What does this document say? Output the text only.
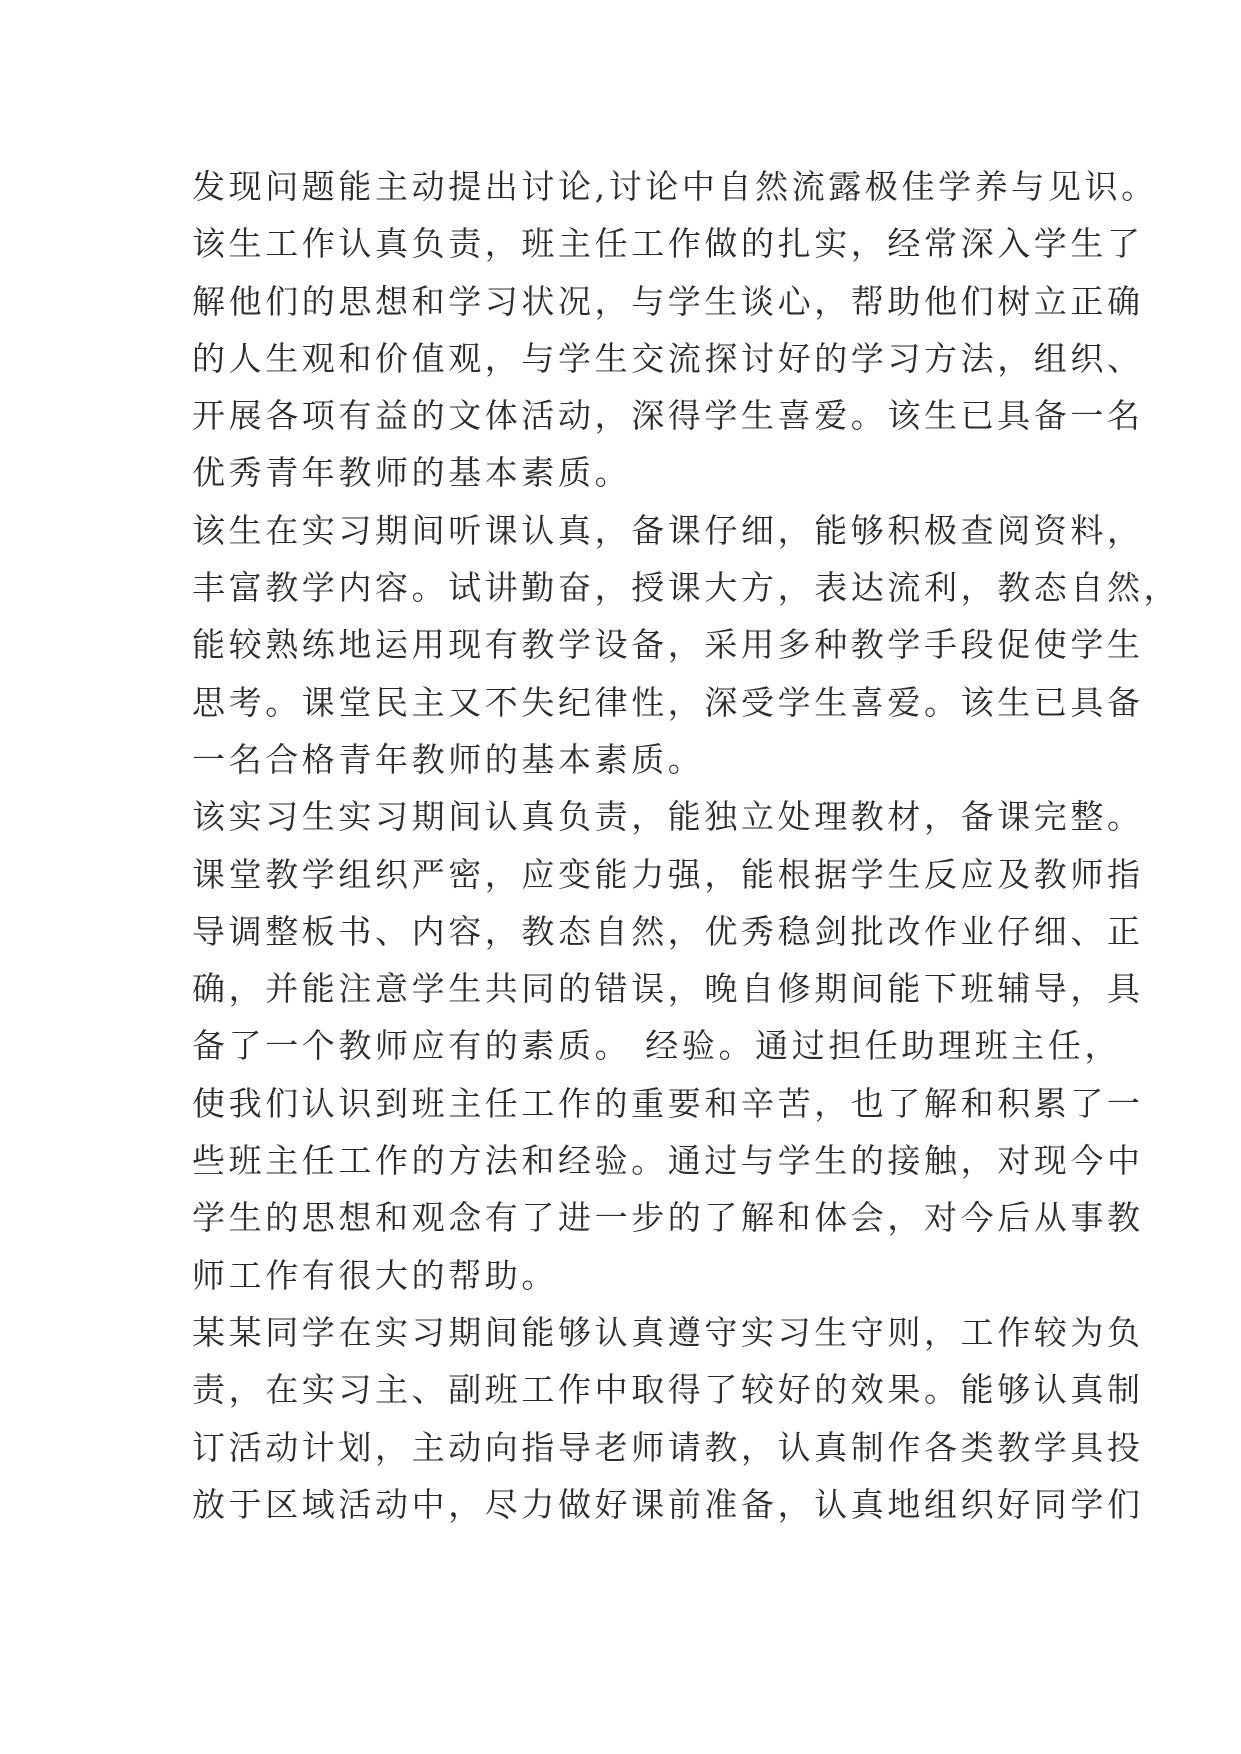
发现问题能主动提出讨论,讨论中自然流露极佳学养与见识。
该生工作认真负责，班主任工作做的扎实，经常深入学生了
解他们的思想和学习状况，与学生谈心，帮助他们树立正确
的人生观和价值观，与学生交流探讨好的学习方法，组织、
开展各项有益的文体活动，深得学生喜爱。该生已具备一名
优秀青年教师的基本素质。
该生在实习期间听课认真，备课仔细，能够积极查阅资料，
丰富教学内容。试讲勤奋，授课大方，表达流利，教态自然，
能较熟练地运用现有教学设备，采用多种教学手段促使学生
思考。课堂民主又不失纪律性，深受学生喜爱。该生已具备
一名合格青年教师的基本素质。
该实习生实习期间认真负责，能独立处理教材，备课完整。
课堂教学组织严密，应变能力强，能根据学生反应及教师指
导调整板书、内容，教态自然，优秀稳剑批改作业仔细、正
确，并能注意学生共同的错误，晚自修期间能下班辅导，具
备了一个教师应有的素质。 经验。通过担任助理班主任，
使我们认识到班主任工作的重要和辛苦，也了解和积累了一
些班主任工作的方法和经验。通过与学生的接触，对现今中
学生的思想和观念有了进一步的了解和体会，对今后从事教
师工作有很大的帮助。
某某同学在实习期间能够认真遵守实习生守则，工作较为负
责，在实习主、副班工作中取得了较好的效果。能够认真制
订活动计划，主动向指导老师请教，认真制作各类教学具投
放于区域活动中，尽力做好课前准备，认真地组织好同学们
